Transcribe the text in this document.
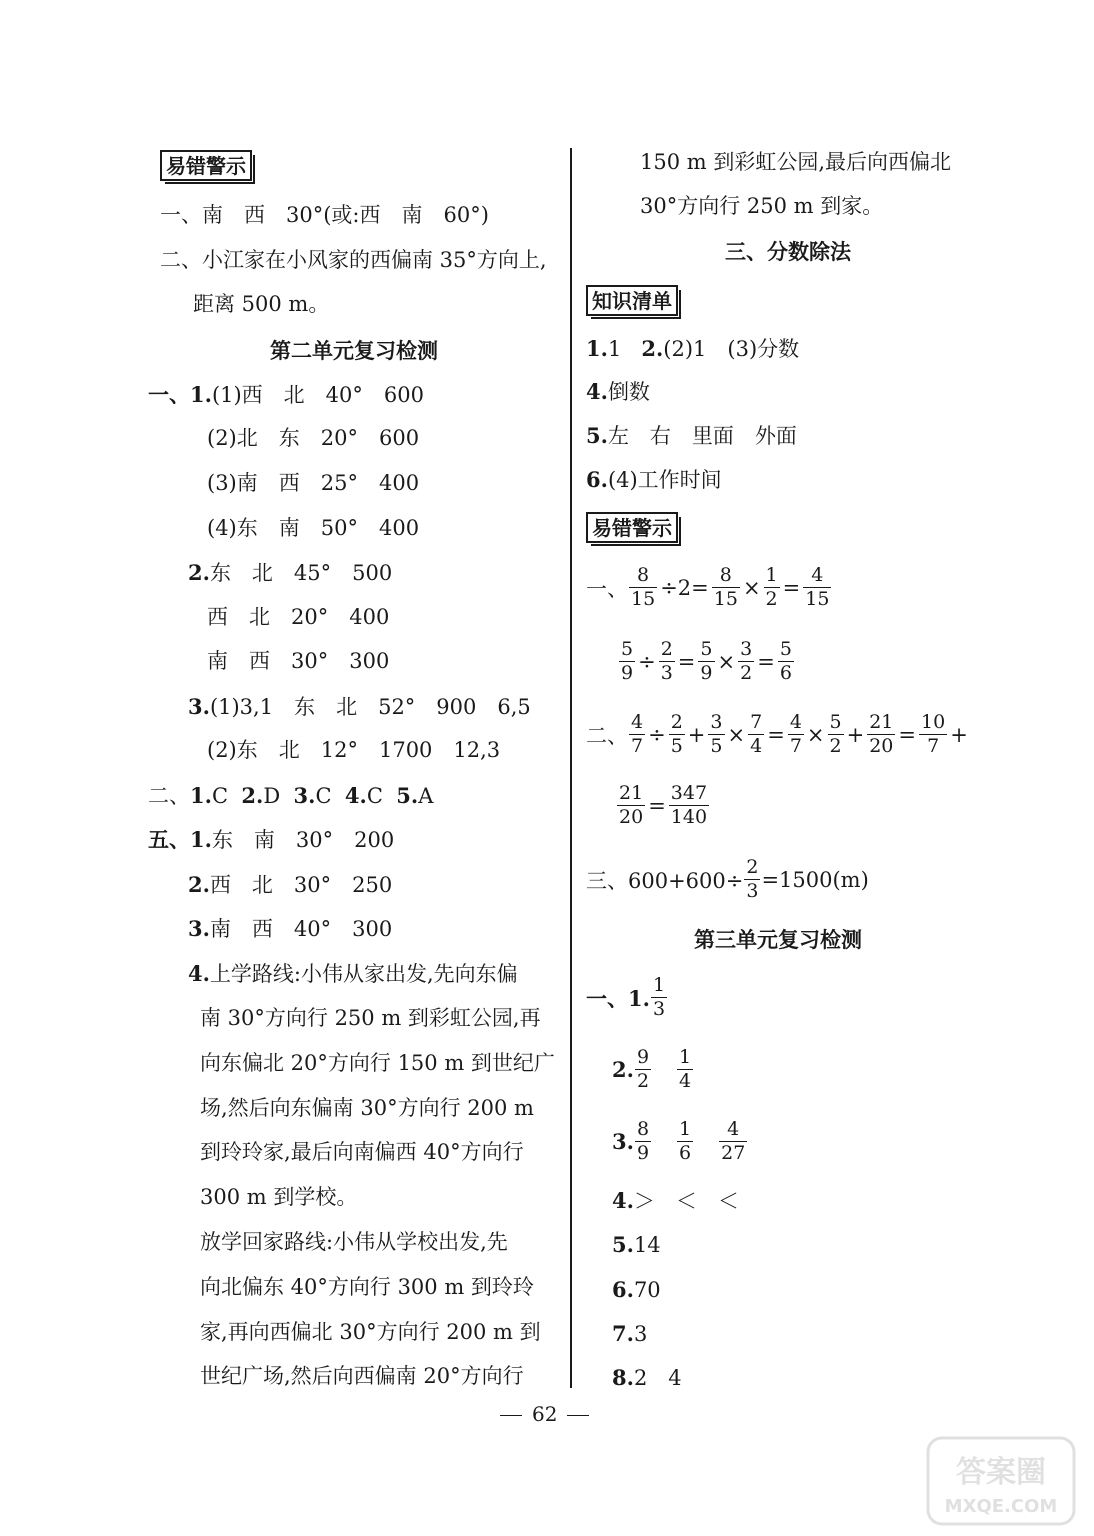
易错警示
一、南　西　30°(或:西　南　60°)
二、小江家在小风家的西偏南 35°方向上,
距离 500 m。
第二单元复习检测
一、1.(1)西　北　40°　600
(2)北　东　20°　600
(3)南　西　25°　400
(4)东　南　50°　400
2.东　北　45°　500
西　北　20°　400
南　西　30°　300
3.(1)3,1　东　北　52°　900　6,5
(2)东　北　12°　1700　12,3
二、1.C 2.D 3.C 4.C 5.A
五、1.东　南　30°　200
2.西　北　30°　250
3.南　西　40°　300
4.上学路线:小伟从家出发,先向东偏
南 30°方向行 250 m 到彩虹公园,再
向东偏北 20°方向行 150 m 到世纪广
场,然后向东偏南 30°方向行 200 m
到玲玲家,最后向南偏西 40°方向行
300 m 到学校。
放学回家路线:小伟从学校出发,先
向北偏东 40°方向行 300 m 到玲玲
家,再向西偏北 30°方向行 200 m 到
世纪广场,然后向西偏南 20°方向行
150 m 到彩虹公园,最后向西偏北
30°方向行 250 m 到家。
三、分数除法
知识清单
1.1 2.(2)1　(3)分数
4.倒数
5.左　右　里面　外面
6.(4)工作时间
易错警示
一、 $\frac{8}{15} \div 2= \frac{8}{15} \times \frac{1}{2} = \frac{4}{15}$
$\frac{5}{9} \div \frac{2}{3} = \frac{5}{9} \times \frac{3}{2} = \frac{5}{6}$
二、 $\frac{4}{7} \div \frac{2}{5} + \frac{3}{5} \times \frac{7}{4} = \frac{4}{7} \times \frac{5}{2} + \frac{21}{20} = \frac{10}{7}$ +
$\frac{21}{20} = \frac{347}{140}$
三、$600+600\div \frac{2}{3} =1500(m)$
第三单元复习检测
一、1. $\frac{1}{3}$
2. $\frac{9}{2} \frac{1}{4}$
3. $\frac{8}{9} \frac{1}{6} \frac{4}{27}$
4.＞　＜　＜
5.14
6.70
7.3
8.2　4
62
答案圈
MXQE.COM
